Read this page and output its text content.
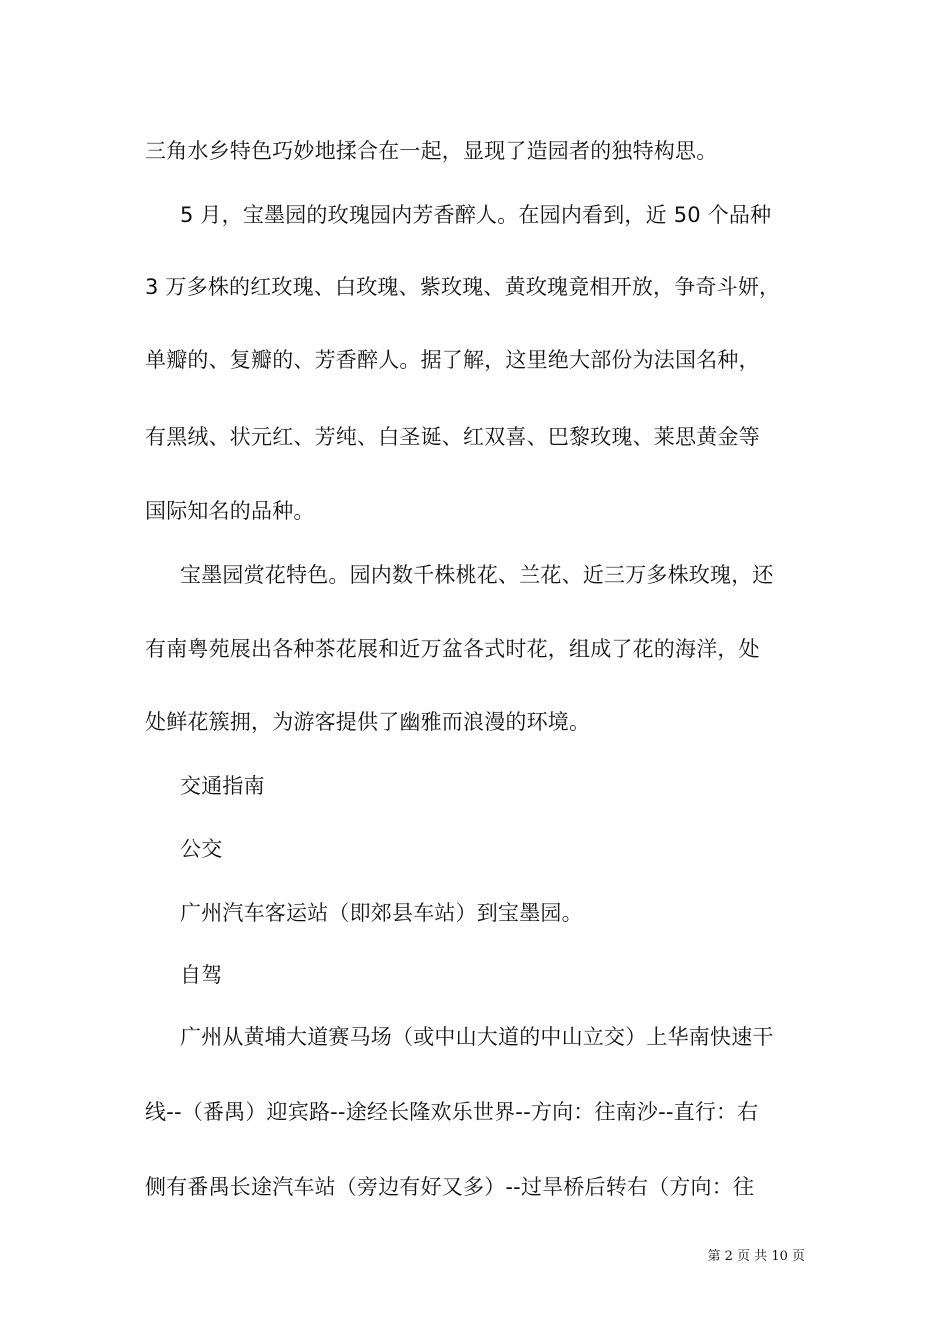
三角水乡特色巧妙地揉合在一起，显现了造园者的独特构思。
5 月，宝墨园的玫瑰园内芳香醉人。在园内看到，近 50 个品种
3 万多株的红玫瑰、白玫瑰、紫玫瑰、黄玫瑰竟相开放，争奇斗妍，
单瓣的、复瓣的、芳香醉人。据了解，这里绝大部份为法国名种，
有黑绒、状元红、芳纯、白圣诞、红双喜、巴黎玫瑰、莱思黄金等
国际知名的品种。
宝墨园赏花特色。园内数千株桃花、兰花、近三万多株玫瑰，还
有南粤苑展出各种茶花展和近万盆各式时花，组成了花的海洋，处
处鲜花簇拥，为游客提供了幽雅而浪漫的环境。
交通指南
公交
广州汽车客运站（即郊县车站）到宝墨园。
自驾
广州从黄埔大道赛马场（或中山大道的中山立交）上华南快速干
线--（番禺）迎宾路--途经长隆欢乐世界--方向：往南沙--直行：右
侧有番禺长途汽车站（旁边有好又多）--过旱桥后转右（方向：往
第 2 页 共 10 页
